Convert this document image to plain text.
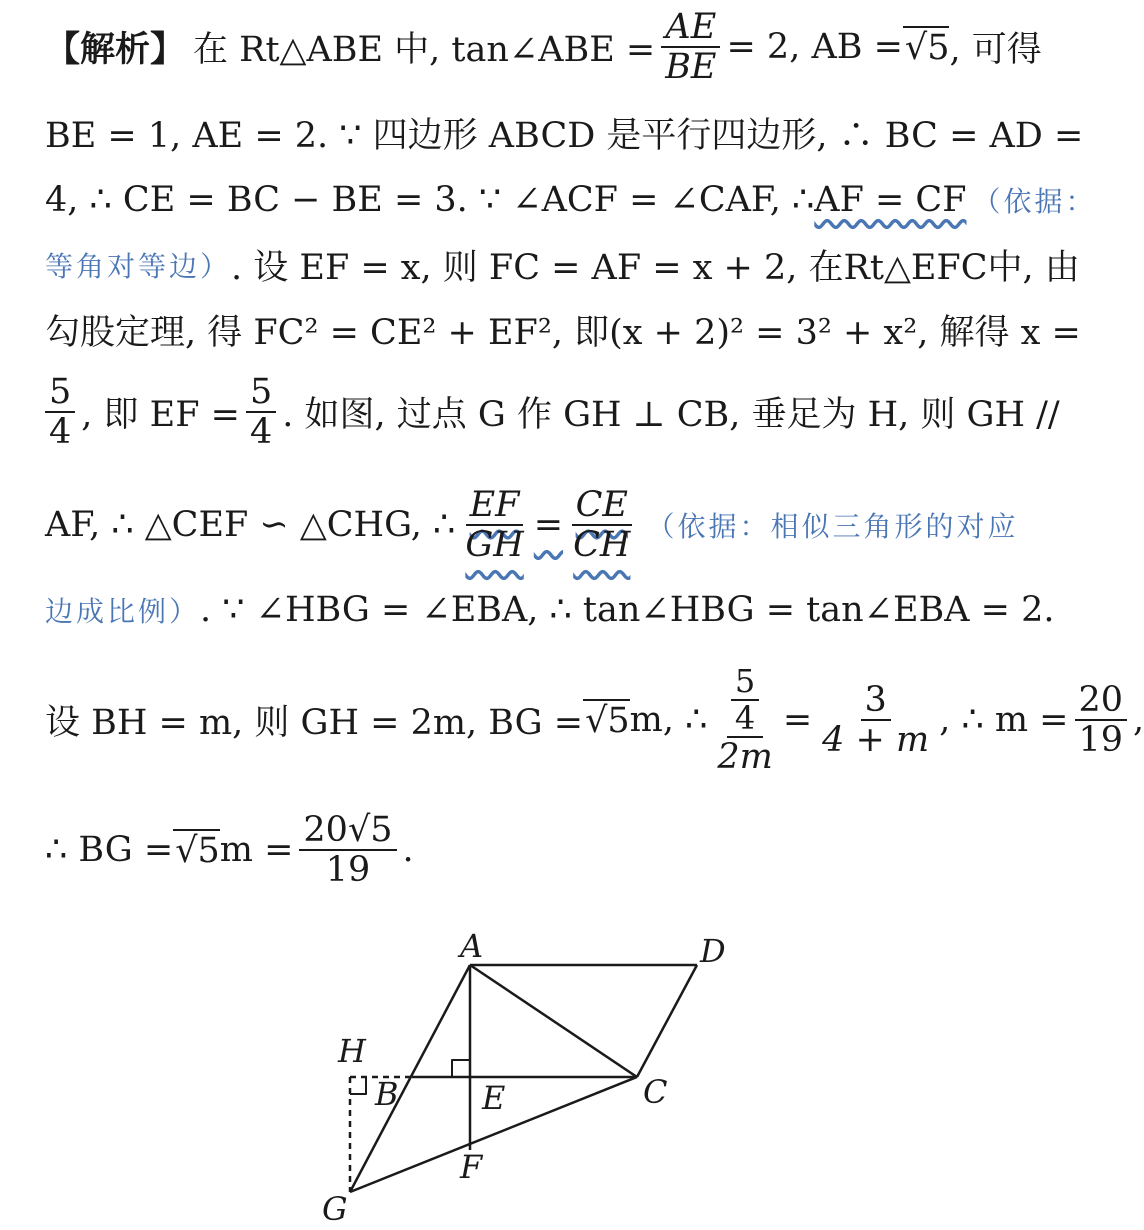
【解析】 在 Rt△ABE 中, tan∠ABE = $\frac{AE}{BE} = 2$, AB = √5 , 可得
BE = 1, AE = 2. ∵ 四边形 ABCD 是平行四边形, ∴ BC = AD =
4, ∴ CE = BC − BE = 3. ∵ ∠ACF = ∠CAF, ∴ AF = CF （依据：
等角对等边） . 设 EF = x, 则 FC = AF = x + 2, 在Rt△EFC中, 由
勾股定理, 得 FC² = CE² + EF², 即(x + 2)² = 3² + x², 解得 x =
$\frac{5}{4}$ , 即 EF = $\frac{5}{4}$ . 如图, 过点 G 作 GH ⊥ CB, 垂足为 H, 则 GH //
AF, ∴ △CEF ∽ △CHG, ∴ $\frac{EF}{GH} = \frac{CE}{CH}$ （依据：相似三角形的对应
边成比例） . ∵ ∠HBG = ∠EBA, ∴ tan∠HBG = tan∠EBA = 2.
设 BH = m, 则 GH = 2m, BG = √5 m, ∴ $\frac{\frac{5}{4}}{2m} = \frac{3}{4 + m}$ , ∴ $m = \frac{20}{19}$ ,
∴ BG = √5 $m = \frac{20√5}{19}$ .
A	D
H
B	E	C
F
G
